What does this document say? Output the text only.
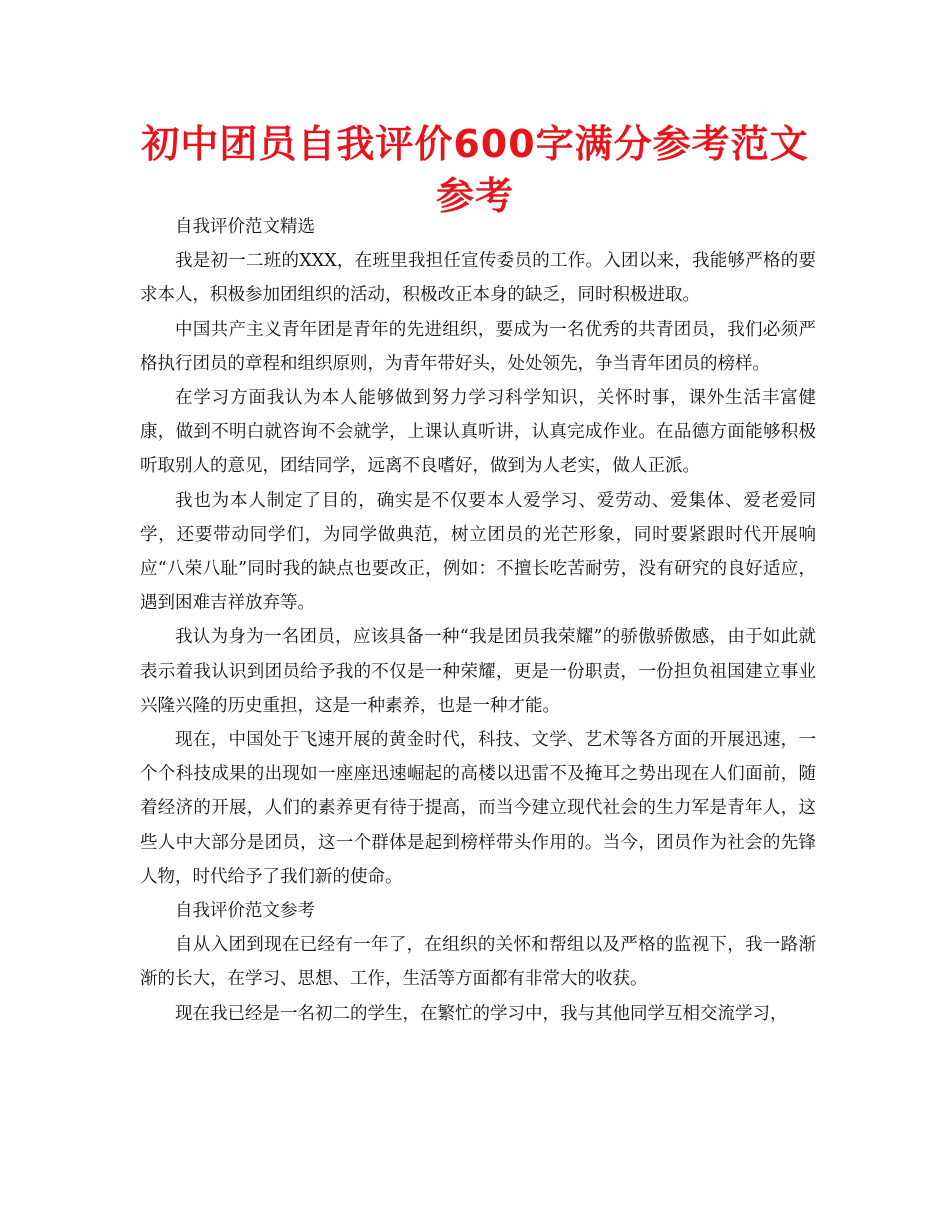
初中团员自我评价600字满分参考范文参考

自我评价范文精选

我是初一二班的XXX，在班里我担任宣传委员的工作。入团以来，我能够严格的要求本人，积极参加团组织的活动，积极改正本身的缺乏，同时积极进取。

中国共产主义青年团是青年的先进组织，要成为一名优秀的共青团员，我们必须严格执行团员的章程和组织原则，为青年带好头，处处领先，争当青年团员的榜样。

在学习方面我认为本人能够做到努力学习科学知识，关怀时事，课外生活丰富健康，做到不明白就咨询不会就学，上课认真听讲，认真完成作业。在品德方面能够积极听取别人的意见，团结同学，远离不良嗜好，做到为人老实，做人正派。

我也为本人制定了目的，确实是不仅要本人爱学习、爱劳动、爱集体、爱老爱同学，还要带动同学们，为同学做典范，树立团员的光芒形象，同时要紧跟时代开展响应“八荣八耻”同时我的缺点也要改正，例如：不擅长吃苦耐劳，没有研究的良好适应，遇到困难吉祥放弃等。

我认为身为一名团员，应该具备一种“我是团员我荣耀”的骄傲骄傲感，由于如此就表示着我认识到团员给予我的不仅是一种荣耀，更是一份职责，一份担负祖国建立事业兴隆兴隆的历史重担，这是一种素养，也是一种才能。

现在，中国处于飞速开展的黄金时代，科技、文学、艺术等各方面的开展迅速，一个个科技成果的出现如一座座迅速崛起的高楼以迅雷不及掩耳之势出现在人们面前，随着经济的开展，人们的素养更有待于提高，而当今建立现代社会的生力军是青年人，这些人中大部分是团员，这一个群体是起到榜样带头作用的。当今，团员作为社会的先锋人物，时代给予了我们新的使命。

自我评价范文参考

自从入团到现在已经有一年了，在组织的关怀和帮组以及严格的监视下，我一路渐渐的长大，在学习、思想、工作，生活等方面都有非常大的收获。

现在我已经是一名初二的学生，在繁忙的学习中，我与其他同学互相交流学习，
